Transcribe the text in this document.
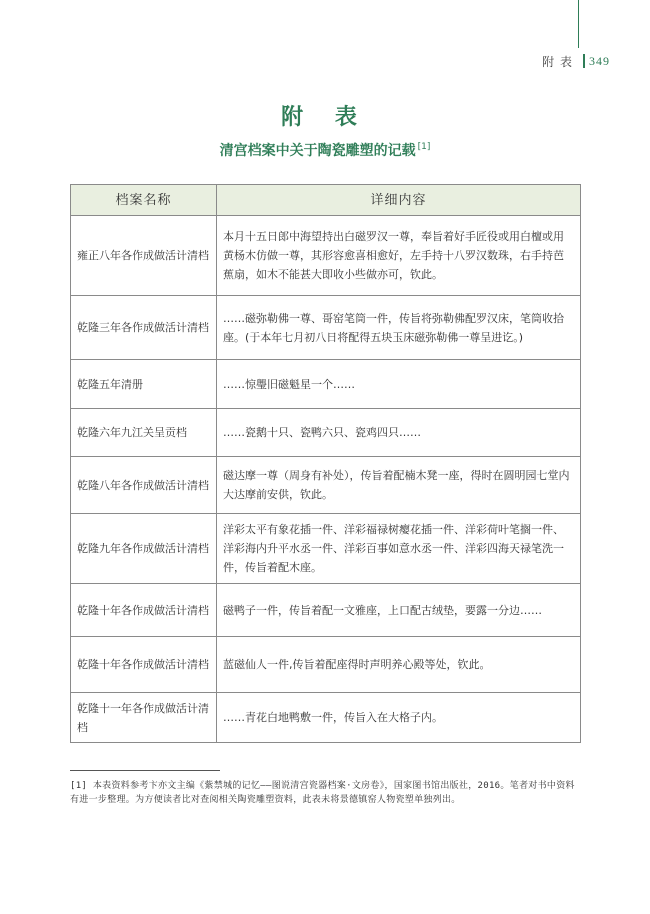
附 表 349
附 表
清宫档案中关于陶瓷雕塑的记载 [1]
档案名称	详细内容
雍正八年各作成做活计清档	本月十五日郎中海望持出白磁罗汉一尊，奉旨着好手匠役或用白檀或用黄杨木仿做一尊，其形容愈喜相愈好，左手持十八罗汉数珠，右手持芭蕉扇，如木不能甚大即收小些做亦可，钦此。
乾隆三年各作成做活计清档	……磁弥勒佛一尊、哥窑笔筒一件，传旨将弥勒佛配罗汉床，笔筒收拾座。(于本年七月初八日将配得五块玉床磁弥勒佛一尊呈进讫。)
乾隆五年清册	……惊璺旧磁魁星一个……
乾隆六年九江关呈贡档	……瓷鹅十只、瓷鸭六只、瓷鸡四只……
乾隆八年各作成做活计清档	磁达摩一尊（周身有补处），传旨着配楠木凳一座，得时在圆明园七堂内大达摩前安供，钦此。
乾隆九年各作成做活计清档	洋彩太平有象花插一件、洋彩福禄树瘿花插一件、洋彩荷叶笔搁一件、洋彩海内升平水丞一件、洋彩百事如意水丞一件、洋彩四海天禄笔洗一件，传旨着配木座。
乾隆十年各作成做活计清档	磁鸭子一件，传旨着配一文雅座，上口配古绒垫，要露一分边……
乾隆十年各作成做活计清档	蓝磁仙人一件,传旨着配座得时声明养心殿等处，钦此。
乾隆十一年各作成做活计清档	……青花白地鸭敷一件，传旨入在大格子内。
[1] 本表资料参考卞亦文主编《紫禁城的记忆——图说清宫瓷器档案·文房卷》，国家图书馆出版社，2016。笔者对书中资料有进一步整理。为方便读者比对查阅相关陶瓷雕塑资料，此表未将景德镇窑人物瓷塑单独列出。
